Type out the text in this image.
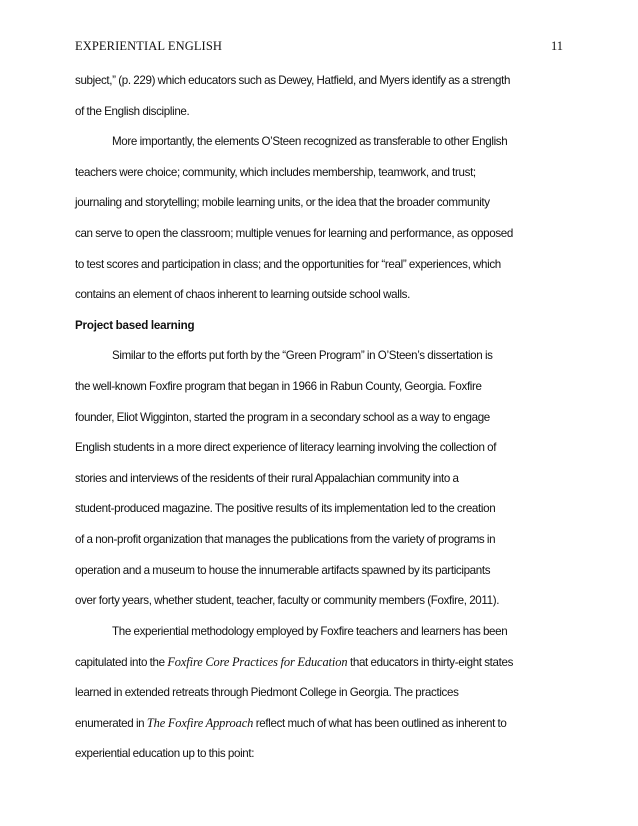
EXPERIENTIAL ENGLISH	11
subject,” (p. 229) which educators such as Dewey, Hatfield, and Myers identify as a strength
of the English discipline.
More importantly, the elements O’Steen recognized as transferable to other English
teachers were choice; community, which includes membership, teamwork, and trust;
journaling and storytelling; mobile learning units, or the idea that the broader community
can serve to open the classroom; multiple venues for learning and performance, as opposed
to test scores and participation in class; and the opportunities for “real” experiences, which
contains an element of chaos inherent to learning outside school walls.
Project based learning
Similar to the efforts put forth by the “Green Program” in O’Steen’s dissertation is
the well-known Foxfire program that began in 1966 in Rabun County, Georgia. Foxfire
founder, Eliot Wigginton, started the program in a secondary school as a way to engage
English students in a more direct experience of literacy learning involving the collection of
stories and interviews of the residents of their rural Appalachian community into a
student-produced magazine. The positive results of its implementation led to the creation
of a non-profit organization that manages the publications from the variety of programs in
operation and a museum to house the innumerable artifacts spawned by its participants
over forty years, whether student, teacher, faculty or community members (Foxfire, 2011).
The experiential methodology employed by Foxfire teachers and learners has been
capitulated into the Foxfire Core Practices for Education that educators in thirty-eight states
learned in extended retreats through Piedmont College in Georgia. The practices
enumerated in The Foxfire Approach reflect much of what has been outlined as inherent to
experiential education up to this point:
